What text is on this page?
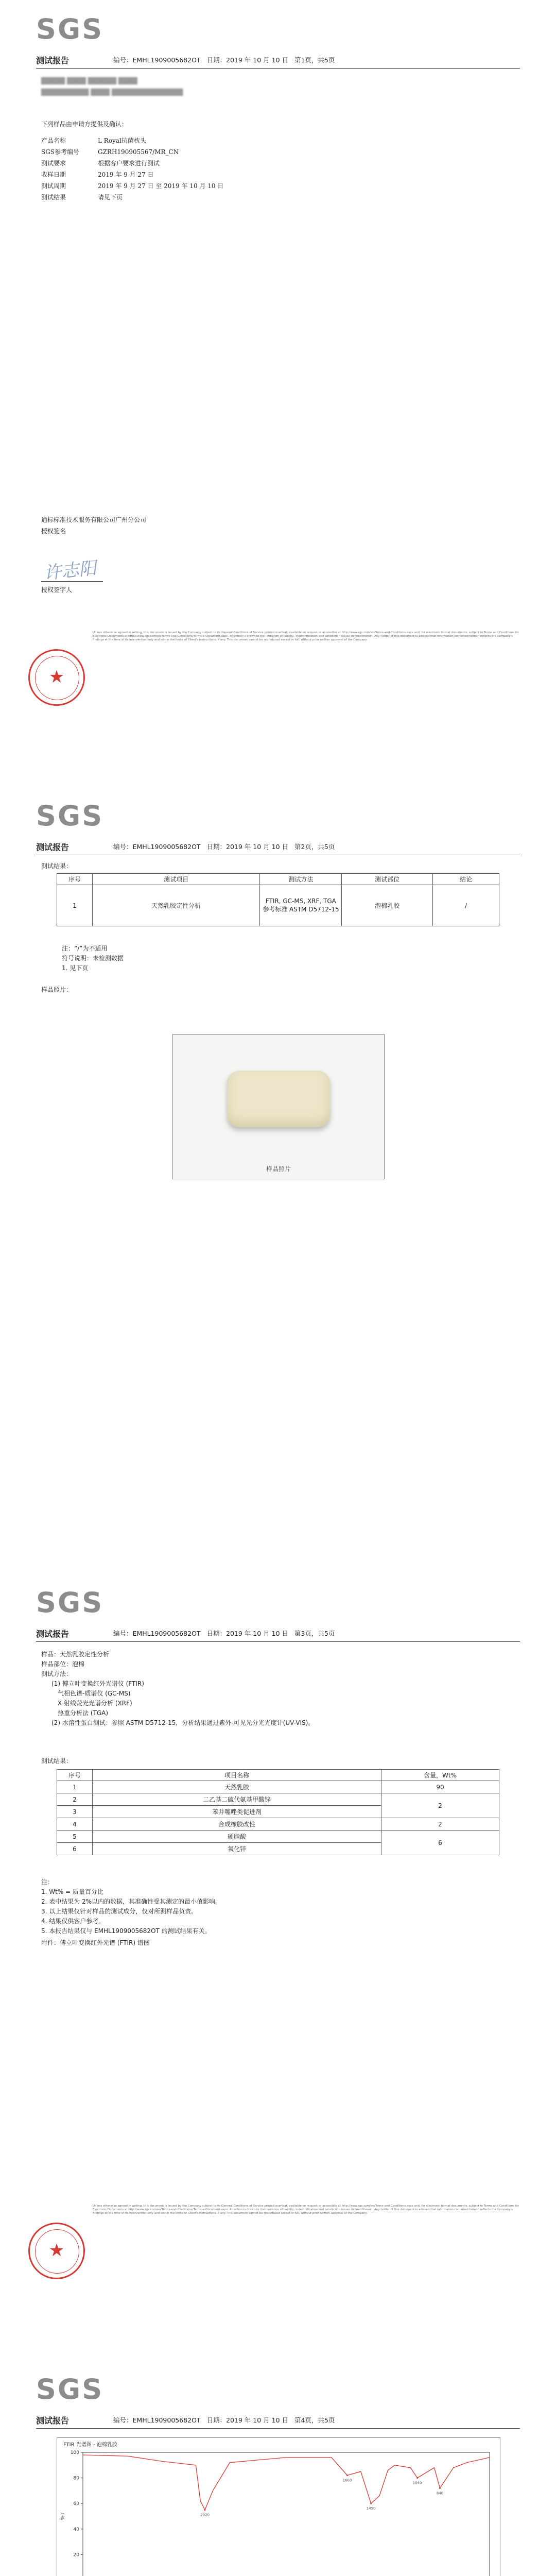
SGS
测试报告	编号：EMHL1909005682OT 日期：2019 年 10 月 10 日 第1页，共5页
█████ ████ ██████ ████
██████████ ████ ███████████████
下列样品由申请方提供及确认：
产品名称	L Royal抗菌枕头
SGS参考编号	GZRH190905567/MR_CN
测试要求	根据客户要求进行测试
收样日期	2019 年 9 月 27 日
测试周期	2019 年 9 月 27 日 至 2019 年 10 月 10 日
测试结果	请见下页
通标标准技术服务有限公司广州分公司
授权签名
许志阳
授权签字人
Unless otherwise agreed in writing, this document is issued by the Company subject to its General Conditions of Service printed overleaf, available on request or accessible at http://www.sgs.com/en/Terms-and-Conditions.aspx and, for electronic format documents, subject to Terms and Conditions for Electronic Documents at http://www.sgs.com/en/Terms-and-Conditions/Terms-e-Document.aspx. Attention is drawn to the limitation of liability, indemnification and jurisdiction issues defined therein. Any holder of this document is advised that information contained hereon reflects the Company's findings at the time of its intervention only and within the limits of Client's instructions, if any. This document cannot be reproduced except in full, without prior written approval of the Company.
★
SGS
测试报告	编号：EMHL1909005682OT 日期：2019 年 10 月 10 日 第2页，共5页
测试结果：
序号	测试项目	测试方法	测试部位	结论
1	天然乳胶定性分析	FTIR, GC-MS, XRF, TGA 参考标准 ASTM D5712-15	泡棉乳胶	/
注：“/”为不适用
符号说明：未检测数据
1. 见下页
样品照片：
样品照片
SGS
测试报告	编号：EMHL1909005682OT 日期：2019 年 10 月 10 日 第3页，共5页
样品：天然乳胶定性分析
样品部位：泡棉
测试方法：
(1) 傅立叶变换红外光谱仪 (FTIR)
气相色谱-质谱仪 (GC-MS)
X 射线荧光光谱分析 (XRF)
热重分析法 (TGA)
(2) 水溶性蛋白测试：参照 ASTM D5712-15，分析结果通过紫外-可见光分光光度计(UV-VIS)。
测试结果：
序号	项目名称	含量，Wt%
1	天然乳胶	90
2	二乙基二硫代氨基甲酸锌	2
3	苯并噻唑类促进剂	
4	合成橡胶改性	2
5	硬脂酸	6
6	氧化锌	
注：
1. Wt% = 质量百分比
2. 表中结果为 2%以内的数据，其准确性受其测定的最小值影响。
3. 以上结果仅针对样品的测试成分，仅对所测样品负责。
4. 结果仅供客户参考。
5. 本报告结果仅与 EMHL1909005682OT 的测试结果有关。
附件：傅立叶变换红外光谱 (FTIR) 谱图
Unless otherwise agreed in writing, this document is issued by the Company subject to its General Conditions of Service printed overleaf, available on request or accessible at http://www.sgs.com/en/Terms-and-Conditions.aspx and, for electronic format documents, subject to Terms and Conditions for Electronic Documents at http://www.sgs.com/en/Terms-and-Conditions/Terms-e-Document.aspx. Attention is drawn to the limitation of liability, indemnification and jurisdiction issues defined therein. Any holder of this document is advised that information contained hereon reflects the Company's findings at the time of its intervention only and within the limits of Client's instructions, if any. This document cannot be reproduced except in full, without prior written approval of the Company.
★
SGS
测试报告	编号：EMHL1909005682OT 日期：2019 年 10 月 10 日 第4页，共5页
FTIR 光谱图 - 泡棉乳胶
20
40
60
80
100
%T	2920
1660
1450
1040
840
